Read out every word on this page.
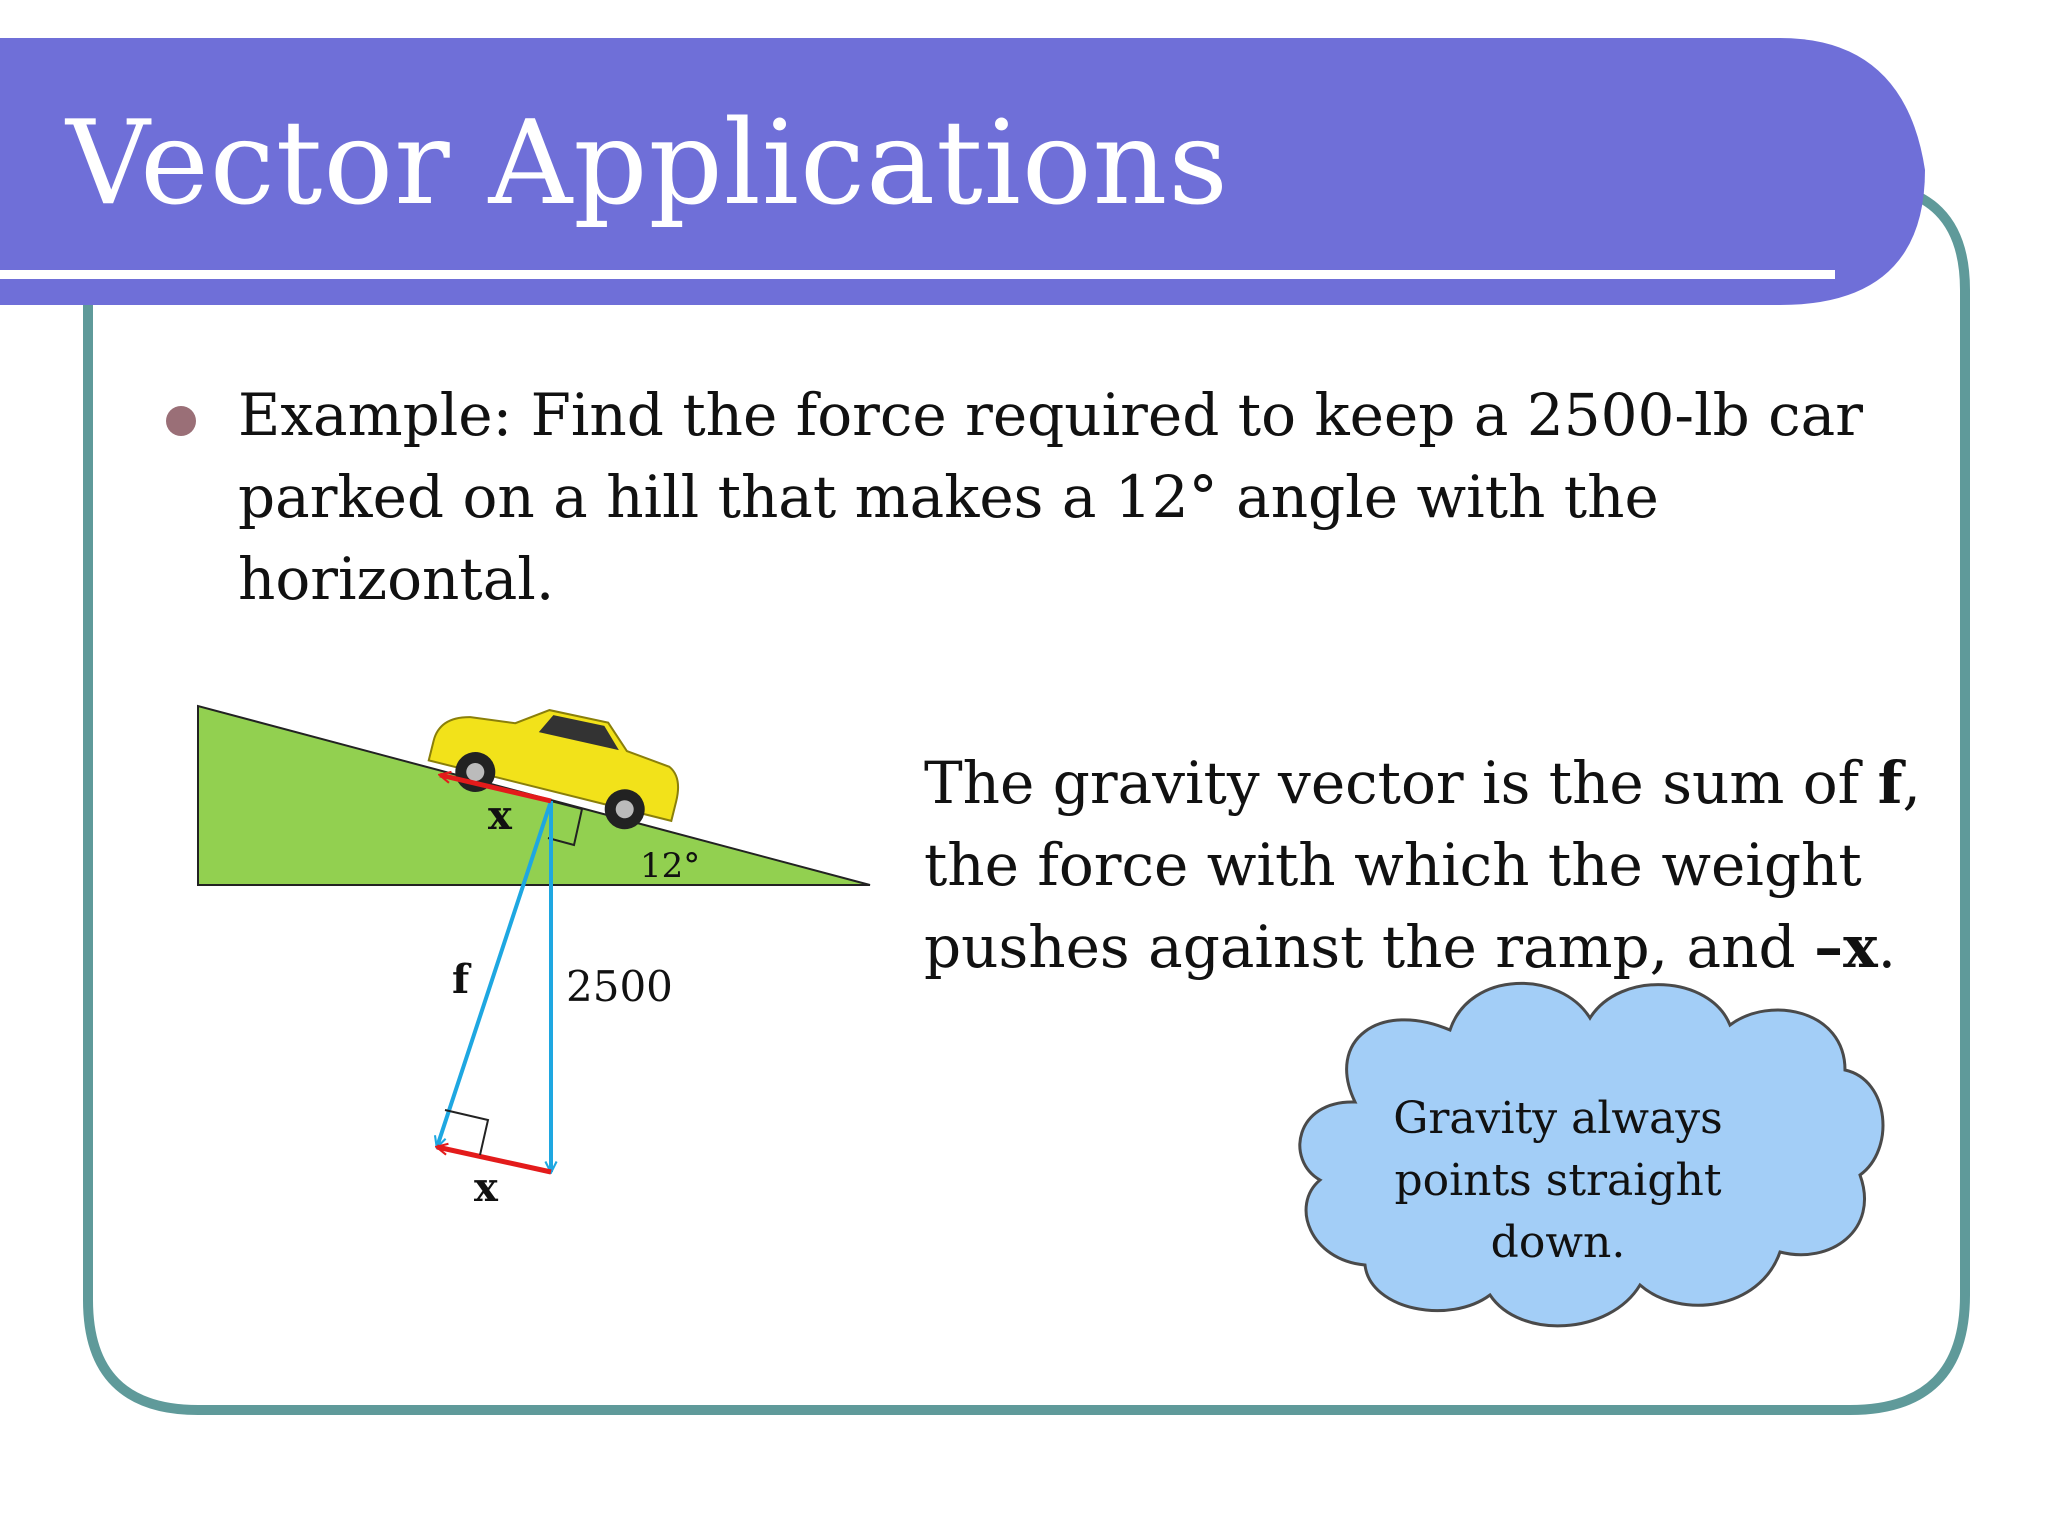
Vector Applications
Example: Find the force required to keep a 2500-lb car parked on a hill that makes a 12° angle with the horizontal.
The gravity vector is the sum of f, the force with which the weight pushes against the ramp, and –x.
x
12°
f 2500
x
Gravity always points straight down.
